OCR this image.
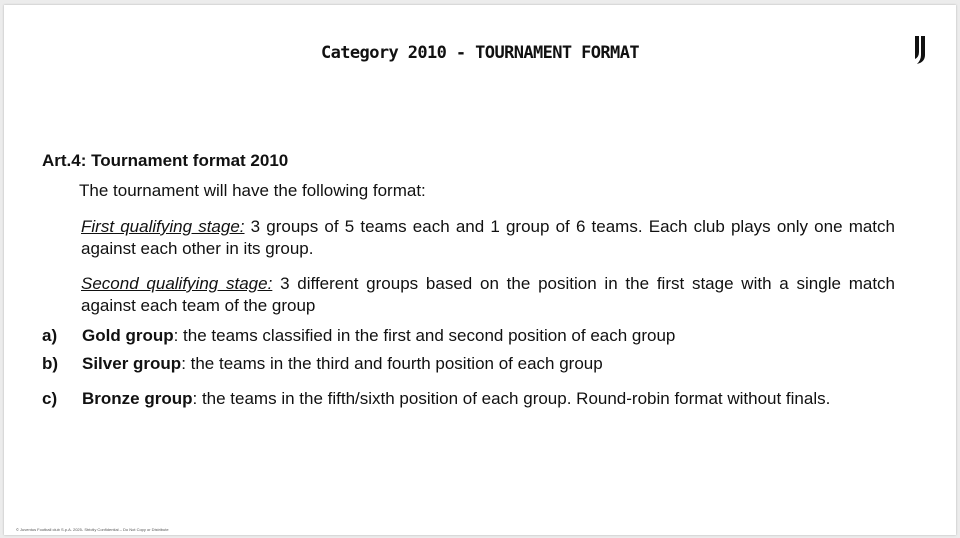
Category 2010 - TOURNAMENT FORMAT
Art.4: Tournament format 2010
The tournament will have the following format:
First qualifying stage: 3 groups of 5 teams each and 1 group of 6 teams. Each club plays only one match against each other in its group.
Second qualifying stage: 3 different groups based on the position in the first stage with a single match against each team of the group
a) Gold group: the teams classified in the first and second position of each group
b) Silver group: the teams in the third and fourth position of each group
c) Bronze group: the teams in the fifth/sixth position of each group. Round-robin format without finals.
© Juventus Football club S.p.A. 2025- Strictly Confidential – Do Not Copy or Distribute
